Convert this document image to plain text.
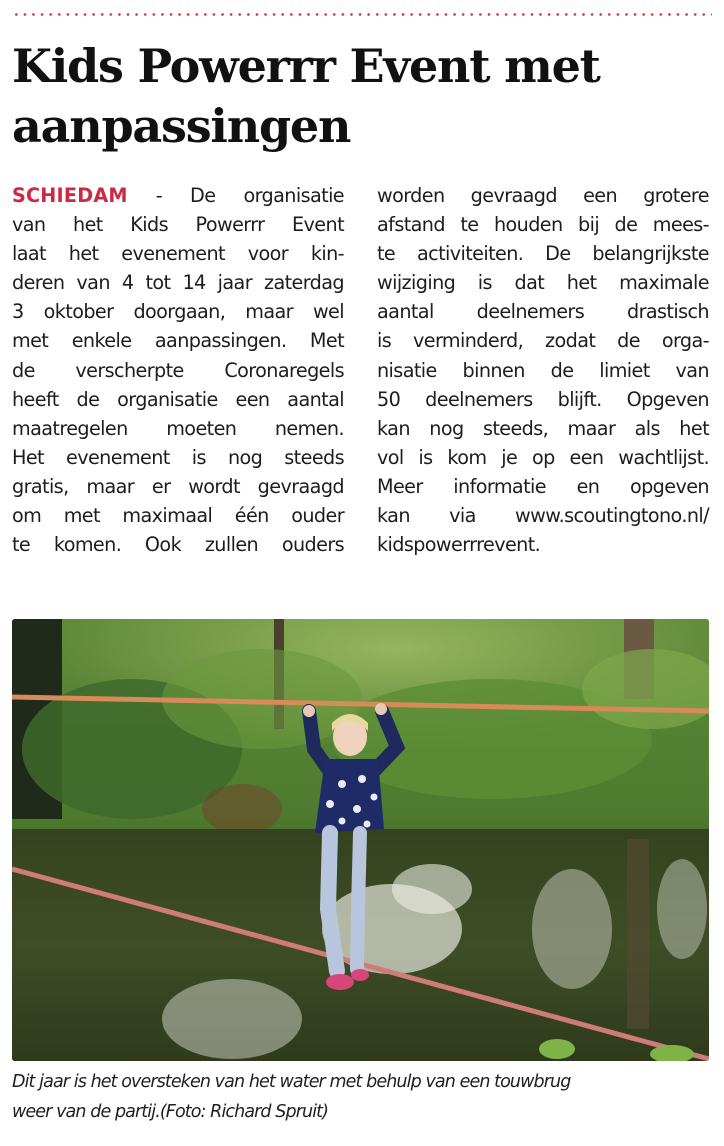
Kids Powerrr Event met
aanpassingen
SCHIEDAM - De organisatie
van het Kids Powerrr Event
laat het evenement voor kin-
deren van 4 tot 14 jaar zaterdag
3 oktober doorgaan, maar wel
met enkele aanpassingen. Met
de verscherpte Coronaregels
heeft de organisatie een aantal
maatregelen moeten nemen.
Het evenement is nog steeds
gratis, maar er wordt gevraagd
om met maximaal één ouder
te komen. Ook zullen ouders
worden gevraagd een grotere
afstand te houden bij de mees-
te activiteiten. De belangrijkste
wijziging is dat het maximale
aantal deelnemers drastisch
is verminderd, zodat de orga-
nisatie binnen de limiet van
50 deelnemers blijft. Opgeven
kan nog steeds, maar als het
vol is kom je op een wachtlijst.
Meer informatie en opgeven
kan via www.scoutingtono.nl/
kidspowerrrevent.

Dit jaar is het oversteken van het water met behulp van een touwbrug
weer van de partij.(Foto: Richard Spruit)
